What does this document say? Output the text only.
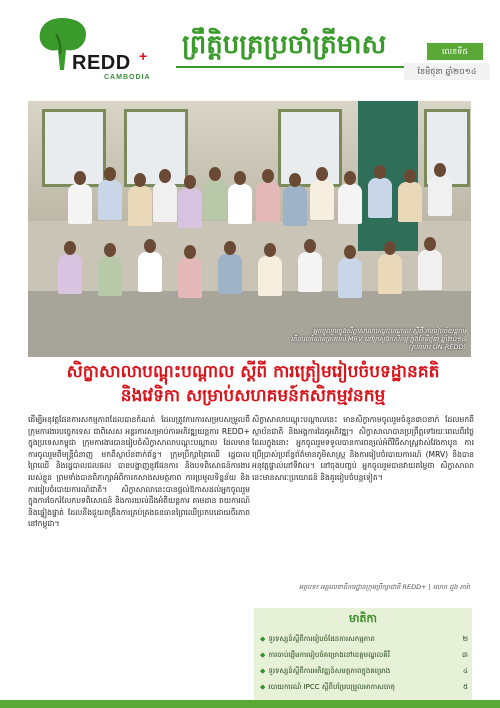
REDD +
CAMBODIA
ព្រឹត្តិបត្រប្រចាំត្រីមាស	លេខទី៥
ខែមិថុនា ឆ្នាំ២០១៤
អ្នកចូលរួមក្នុងសិក្ខាសាលាបណ្តុះបណ្តាល ស្តីពី ការរៀបចំយន្តការ
រតិបាលកំណត់ត្រារបស់ MRV នៅក្រសួងកសិកម្ម ក្នុងខែមិថុនា ឆ្នាំ២០១៤
(រូបភាព៖ UN-REDD)
សិក្ខាសាលាបណ្តុះបណ្តាល ស្តីពី ការត្រៀមរៀបចំបទដ្ឋានគតិ
និងវេទិកា សម្រាប់សហគមន៍កសិកម្មវនកម្ម
ដើម្បីអនុវត្តផែនការសកម្មភាពដែលបានកំណត់ ដែលត្រូវការការសម្របសម្រួលពីក្រុមការងារបច្ចេកទេស ជាពិសេស អន្តរការសម្រាប់ការអភិវឌ្ឍយន្តការ REDD+ ក្នុងប្រទេសកម្ពុជា ក្រុមការងារបានរៀបចំសិក្ខាសាលាបណ្តុះបណ្តាល ដែលមានការចូលរួមពីមន្ត្រីជំនាញ មកពីស្ថាប័នពាក់ព័ន្ធ។ ក្រុមប្រឹក្សាព្រៃឈើ រដ្ឋបាលព្រៃឈើ និងរដ្ឋបាលជលផល បានបង្ហាញនូវផែនការ និងបទពិសោធន៍ការងាររបស់ខ្លួន ព្រមទាំងបានពិភាក្សាអំពីការកសាងសមត្ថភាព ការប្រមូលទិន្នន័យ និងការរៀបចំរបាយការណ៍ជាតិ។ សិក្ខាសាលានេះបានផ្តល់ឱកាសដល់អ្នកចូលរួម ក្នុងការចែករំលែកបទពិសោធន៍ និងការយល់ដឹងអំពីយន្តការ តាមដាន រាយការណ៍ និងផ្ទៀងផ្ទាត់ ដែលនឹងជួយពង្រឹងការគ្រប់គ្រងធនធានព្រៃឈើប្រកបដោយចីរភាពនៅកម្ពុជា។
សិក្ខាសាលាបណ្តុះបណ្តាលនេះ មានសិក្ខាកាមចូលរួមចំនួន៣០នាក់ ដែលមកពីស្ថាប័នជាតិ និងអង្គការដៃគូអភិវឌ្ឍ។ សិក្ខាសាលាបានប្រព្រឹត្តទៅរយៈពេលពីរថ្ងៃ ដែលក្នុងនោះ អ្នកចូលរួមទទួលបានការពន្យល់អំពីវិធីសាស្ត្រវាស់វែងកាបូន ការប្រើប្រាស់ប្រព័ន្ធព័ត៌មានភូមិសាស្ត្រ និងការរៀបចំរបាយការណ៍ (MRV) និងបានអនុវត្តផ្ទាល់នៅទីវាល។ នៅចុងបញ្ចប់ អ្នកចូលរួមបានវាយតម្លៃថា សិក្ខាសាលានេះមានសារៈប្រយោជន៍ និងគួររៀបចំបន្តទៀត។
អត្ថបទ៖ អគ្គលេខាធិការដ្ឋានក្រុមប្រឹក្សាជាតិ REDD+ | លោក ជួង ភារ៉ា
មាតិកា
◆ ទូរទស្សន៍ស្ដីពីការរៀបចំផែនការសកម្មភាព	២
◆ ការចាប់ផ្តើមការរៀបចំគម្រោងនៅខេត្តមណ្ឌលគិរី	៣
◆ ទូរទស្សន៍ស្ដីពីការអភិវឌ្ឍន៍សមត្ថភាពក្នុងគម្រោង	៤
◆ របាយការណ៍ IPCC ស្ដីពីបម្រែបម្រួលអាកាសធាតុ	៥
